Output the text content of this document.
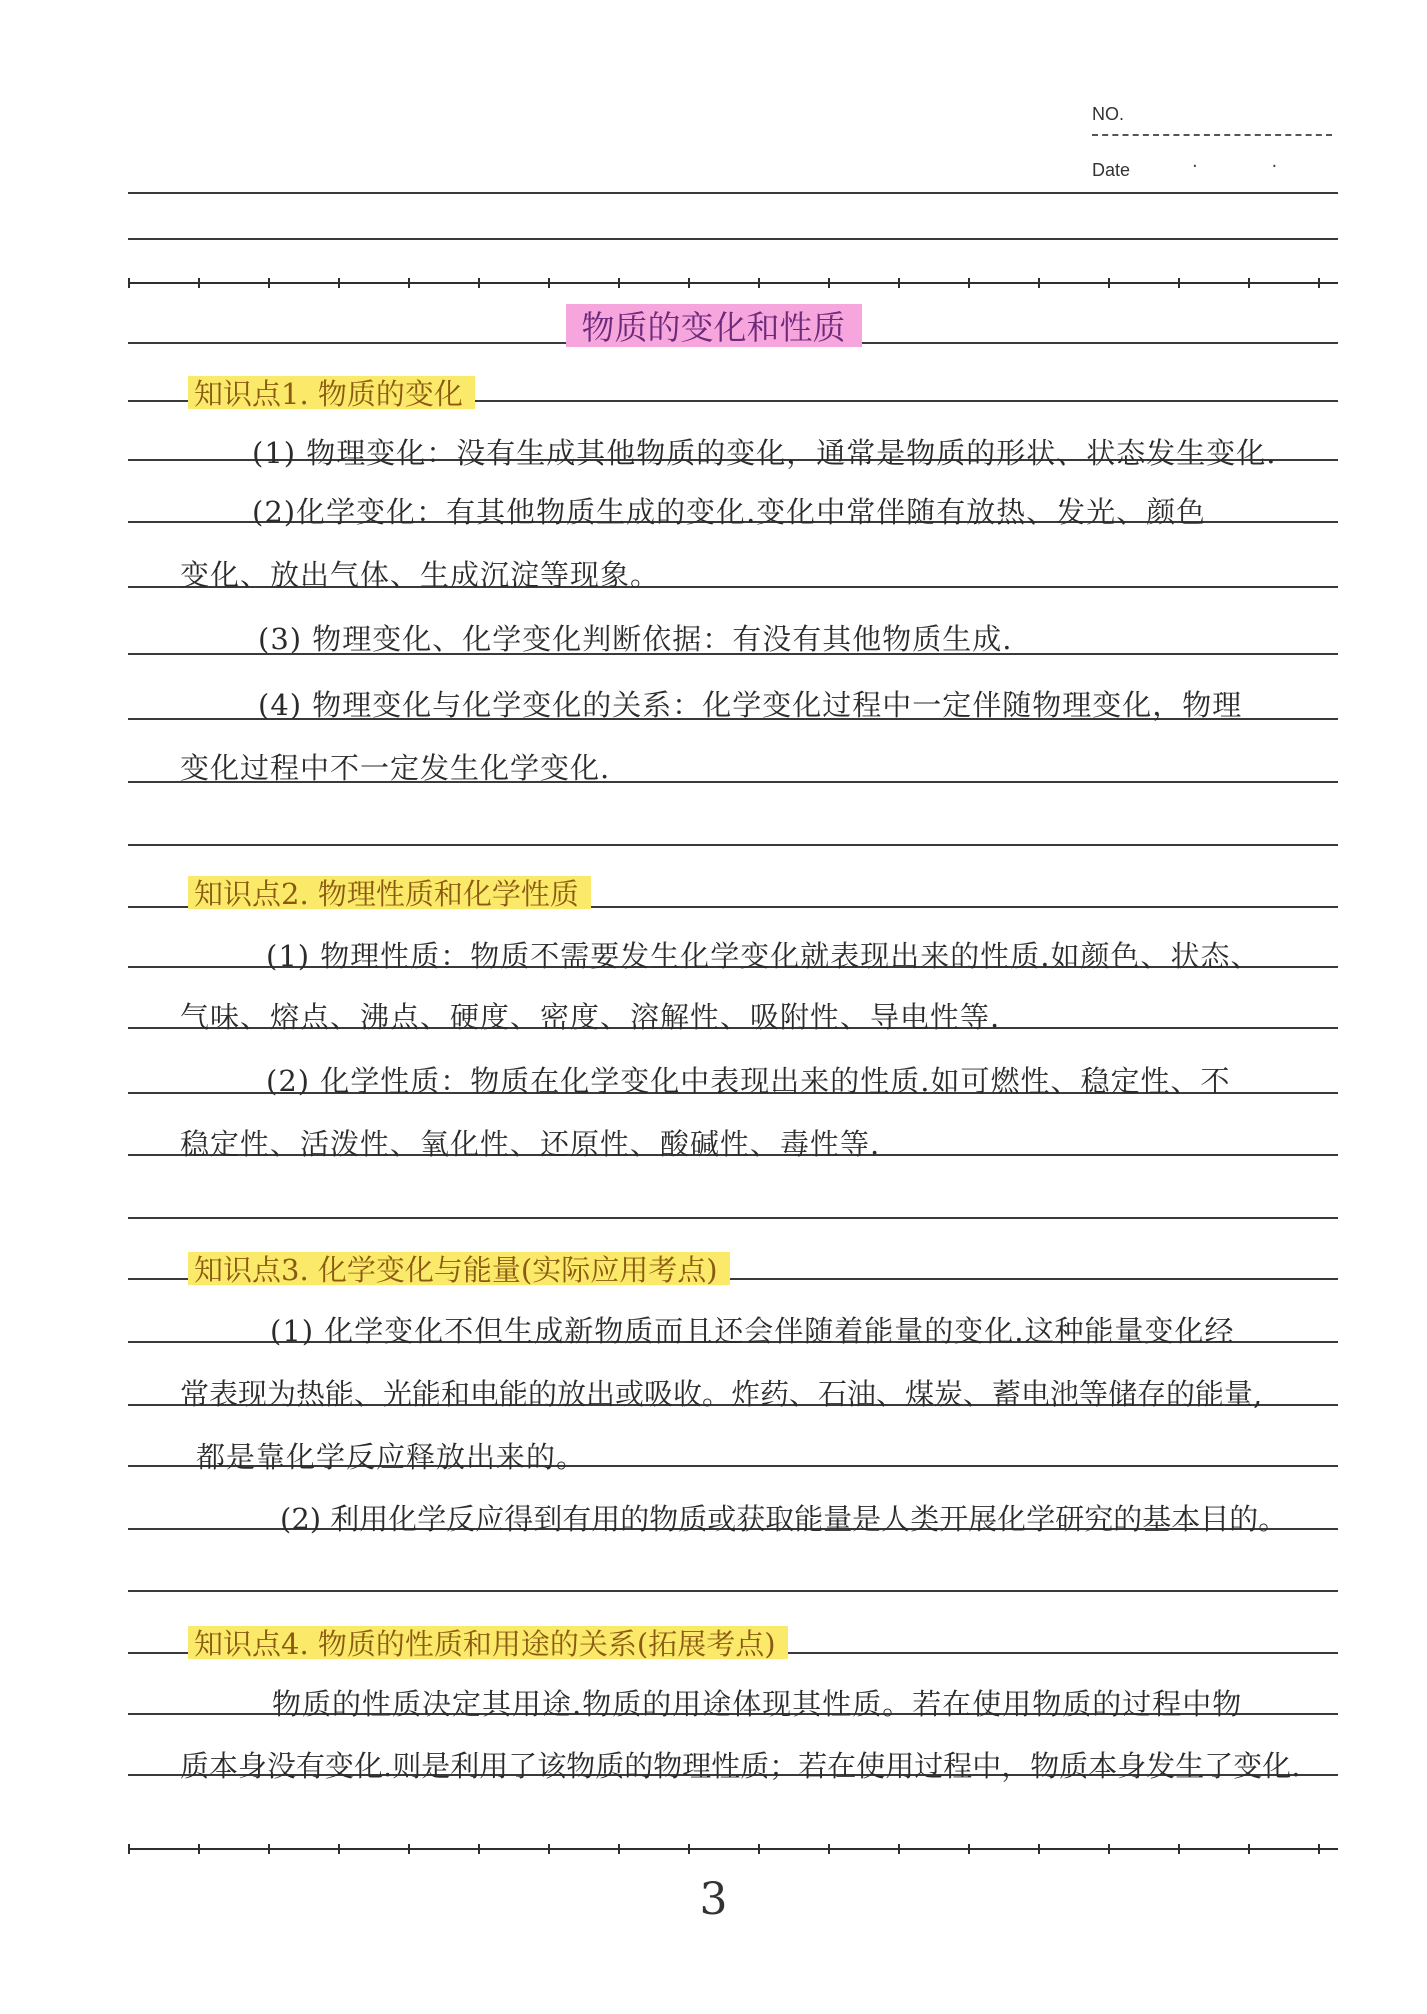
NO.
Date	· ·
物质的变化和性质
知识点1. 物质的变化
(1) 物理变化：没有生成其他物质的变化，通常是物质的形状、状态发生变化.
(2)化学变化：有其他物质生成的变化.变化中常伴随有放热、发光、颜色
变化、放出气体、生成沉淀等现象。
(3) 物理变化、化学变化判断依据：有没有其他物质生成.
(4) 物理变化与化学变化的关系：化学变化过程中一定伴随物理变化，物理
变化过程中不一定发生化学变化.
知识点2. 物理性质和化学性质
(1) 物理性质：物质不需要发生化学变化就表现出来的性质.如颜色、状态、
气味、熔点、沸点、硬度、密度、溶解性、吸附性、导电性等.
(2) 化学性质：物质在化学变化中表现出来的性质.如可燃性、稳定性、不
稳定性、活泼性、氧化性、还原性、酸碱性、毒性等.
知识点3. 化学变化与能量(实际应用考点)
(1) 化学变化不但生成新物质而且还会伴随着能量的变化.这种能量变化经
常表现为热能、光能和电能的放出或吸收。炸药、石油、煤炭、蓄电池等储存的能量,
都是靠化学反应释放出来的。
(2) 利用化学反应得到有用的物质或获取能量是人类开展化学研究的基本目的。
知识点4. 物质的性质和用途的关系(拓展考点)
物质的性质决定其用途.物质的用途体现其性质。若在使用物质的过程中物
质本身没有变化.则是利用了该物质的物理性质；若在使用过程中，物质本身发生了变化.
3
